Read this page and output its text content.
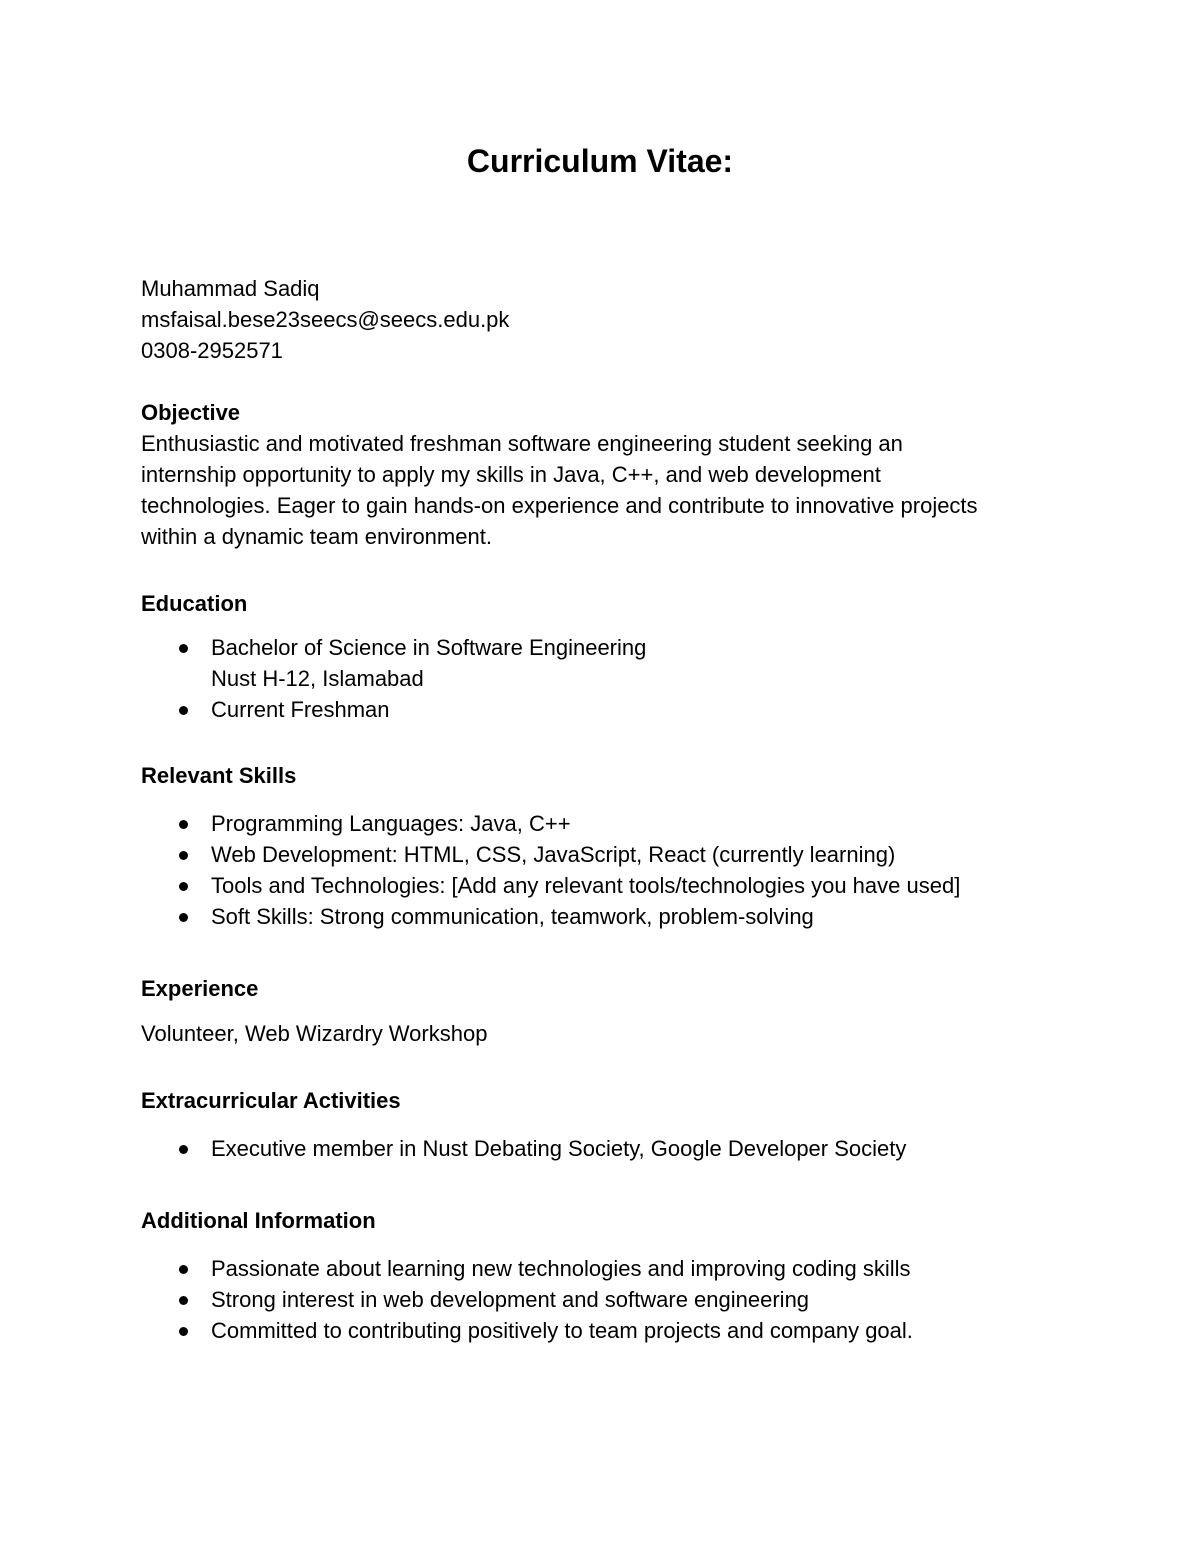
Curriculum Vitae:
Muhammad Sadiq
msfaisal.bese23seecs@seecs.edu.pk
0308-2952571
Objective
Enthusiastic and motivated freshman software engineering student seeking an
internship opportunity to apply my skills in Java, C++, and web development
technologies. Eager to gain hands-on experience and contribute to innovative projects
within a dynamic team environment.
Education
Bachelor of Science in Software Engineering
Nust H-12, Islamabad
Current Freshman
Relevant Skills
Programming Languages: Java, C++
Web Development: HTML, CSS, JavaScript, React (currently learning)
Tools and Technologies: [Add any relevant tools/technologies you have used]
Soft Skills: Strong communication, teamwork, problem-solving
Experience
Volunteer, Web Wizardry Workshop
Extracurricular Activities
Executive member in Nust Debating Society, Google Developer Society
Additional Information
Passionate about learning new technologies and improving coding skills
Strong interest in web development and software engineering
Committed to contributing positively to team projects and company goal.
